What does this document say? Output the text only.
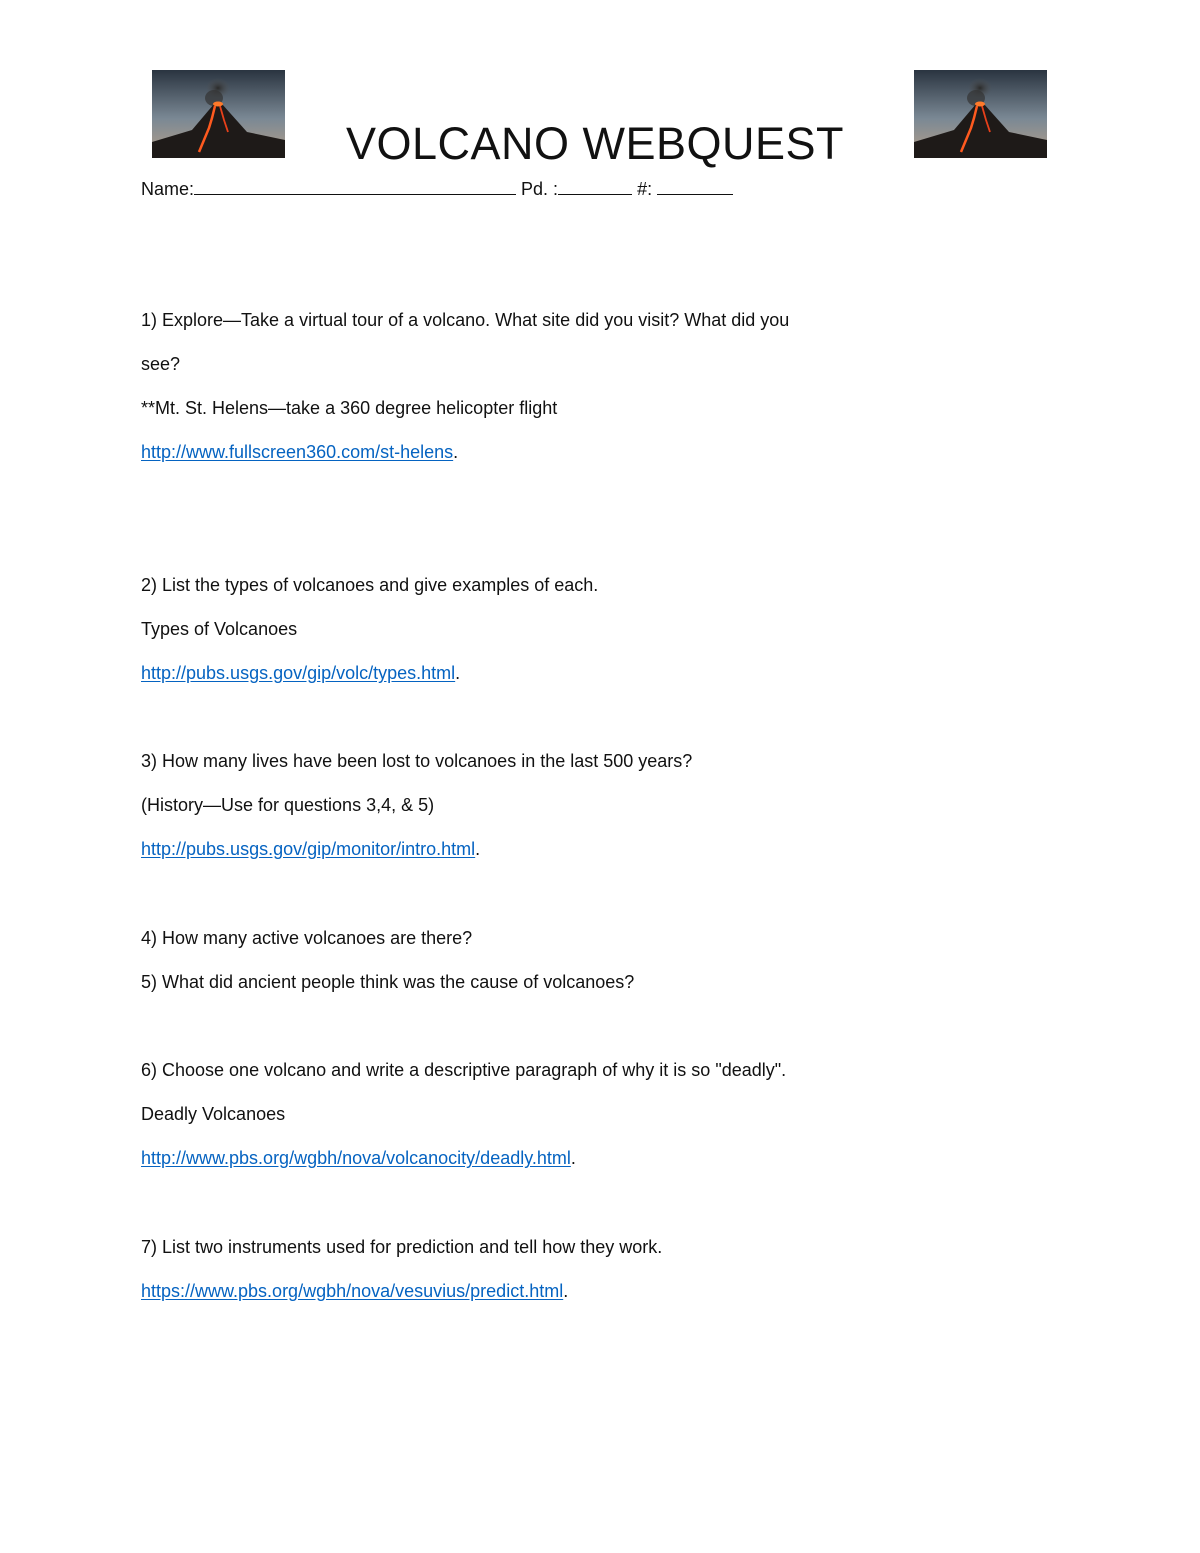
VOLCANO WEBQUEST
Name:	Pd. :	#:
1) Explore—Take a virtual tour of a volcano. What site did you visit? What did you
see?
**Mt. St. Helens—take a 360 degree helicopter flight
http://www.fullscreen360.com/st-helens.
2) List the types of volcanoes and give examples of each.
Types of Volcanoes
http://pubs.usgs.gov/gip/volc/types.html.
3) How many lives have been lost to volcanoes in the last 500 years?
(History—Use for questions 3,4, & 5)
http://pubs.usgs.gov/gip/monitor/intro.html.
4) How many active volcanoes are there?
5) What did ancient people think was the cause of volcanoes?
6) Choose one volcano and write a descriptive paragraph of why it is so "deadly".
Deadly Volcanoes
http://www.pbs.org/wgbh/nova/volcanocity/deadly.html.
7) List two instruments used for prediction and tell how they work.
https://www.pbs.org/wgbh/nova/vesuvius/predict.html.
